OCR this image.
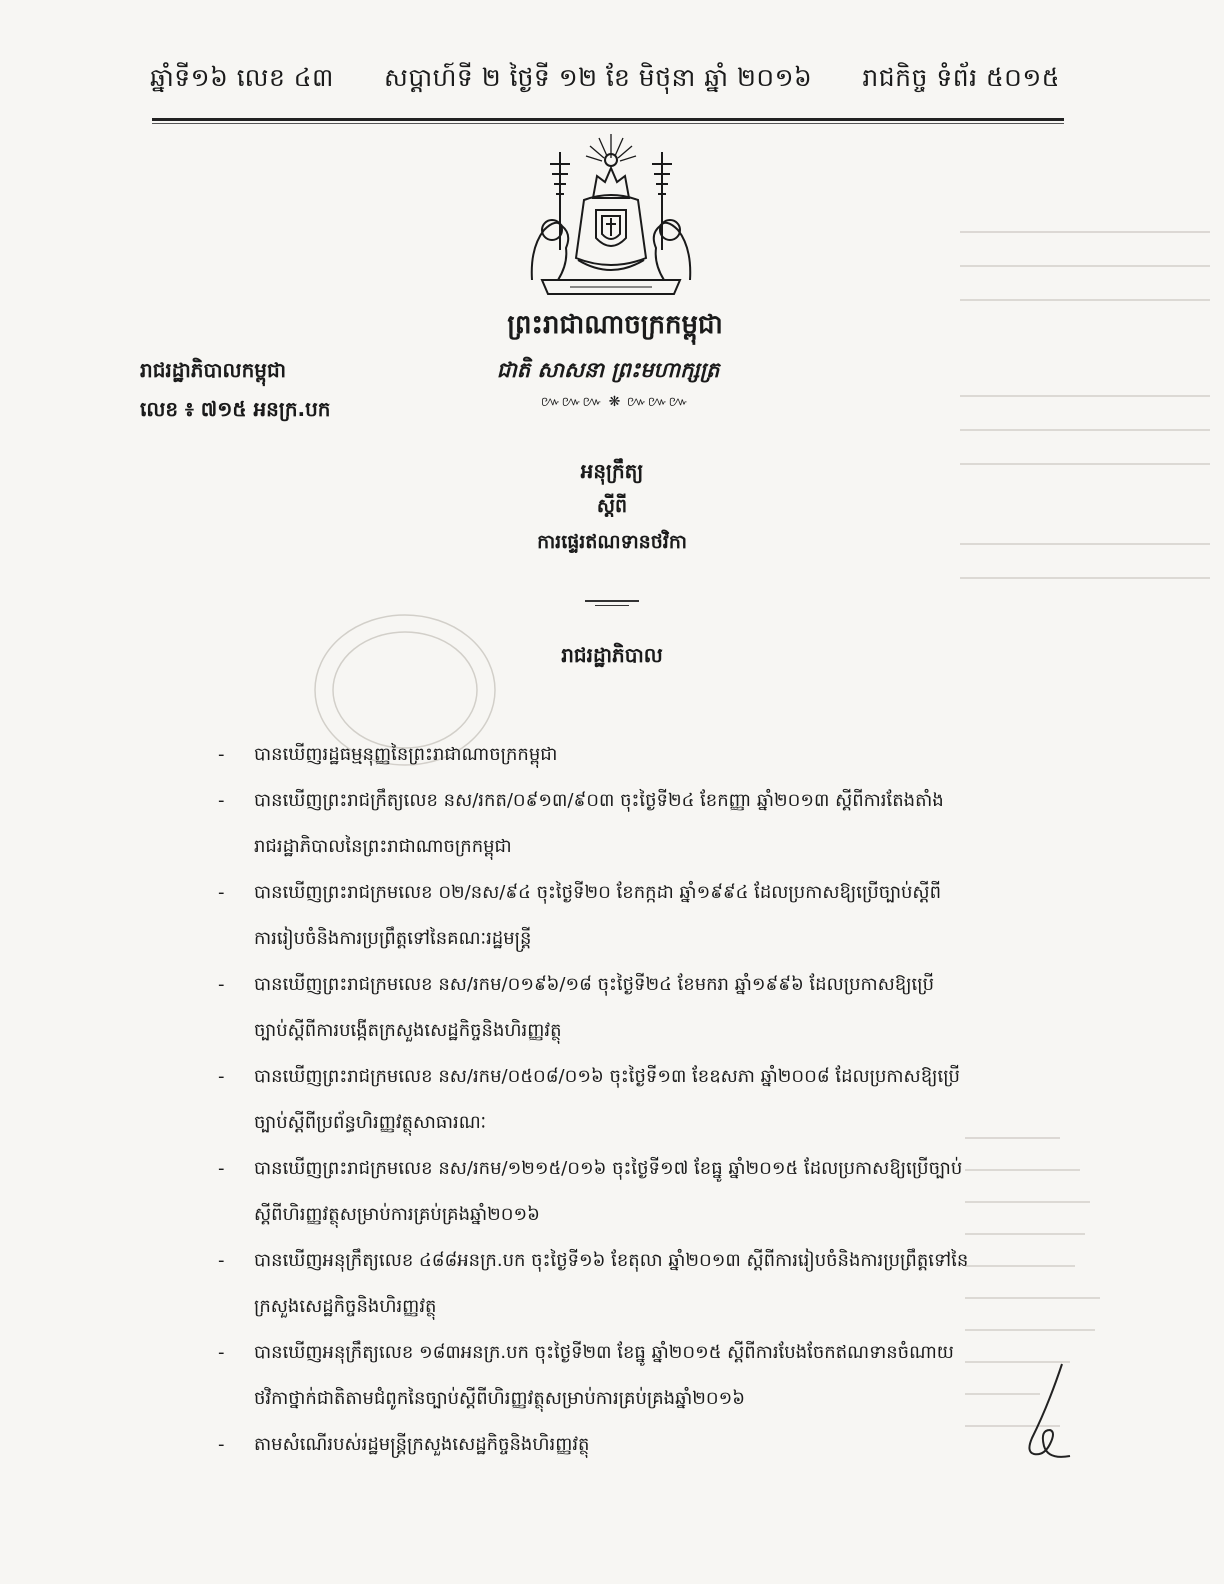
ឆ្នាំទី១៦ លេខ ៤៣ សប្តាហ៍ទី ២ ថ្ងៃទី ១២ ខែ មិថុនា ឆ្នាំ ២០១៦ រាជកិច្ច ទំព័រ ៥០១៥
ព្រះរាជាណាចក្រកម្ពុជា
ជាតិ សាសនា ព្រះមហាក្សត្រ
៚៚៚ ❋ ៚៚៚
រាជរដ្ឋាភិបាលកម្ពុជា
លេខ ៖ ៧១៥ អនក្រ.បក
អនុក្រឹត្យ
ស្តីពី
ការផ្ទេរឥណទានថវិកា
រាជរដ្ឋាភិបាល
-	បានឃើញរដ្ឋធម្មនុញ្ញនៃព្រះរាជាណាចក្រកម្ពុជា
-	បានឃើញព្រះរាជក្រឹត្យលេខ នស/រកត/០៩១៣/៩០៣ ចុះថ្ងៃទី២៤ ខែកញ្ញា ឆ្នាំ២០១៣ ស្តីពីការតែងតាំង
រាជរដ្ឋាភិបាលនៃព្រះរាជាណាចក្រកម្ពុជា
-	បានឃើញព្រះរាជក្រមលេខ ០២/នស/៩៤ ចុះថ្ងៃទី២០ ខែកក្កដា ឆ្នាំ១៩៩៤ ដែលប្រកាសឱ្យប្រើច្បាប់ស្តីពី
ការរៀបចំនិងការប្រព្រឹត្តទៅនៃគណៈរដ្ឋមន្ត្រី
-	បានឃើញព្រះរាជក្រមលេខ នស/រកម/០១៩៦/១៨ ចុះថ្ងៃទី២៤ ខែមករា ឆ្នាំ១៩៩៦ ដែលប្រកាសឱ្យប្រើ
ច្បាប់ស្តីពីការបង្កើតក្រសួងសេដ្ឋកិច្ចនិងហិរញ្ញវត្ថុ
-	បានឃើញព្រះរាជក្រមលេខ នស/រកម/០៥០៨/០១៦ ចុះថ្ងៃទី១៣ ខែឧសភា ឆ្នាំ២០០៨ ដែលប្រកាសឱ្យប្រើ
ច្បាប់ស្តីពីប្រព័ន្ធហិរញ្ញវត្ថុសាធារណៈ
-	បានឃើញព្រះរាជក្រមលេខ នស/រកម/១២១៥/០១៦ ចុះថ្ងៃទី១៧ ខែធ្នូ ឆ្នាំ២០១៥ ដែលប្រកាសឱ្យប្រើច្បាប់
ស្តីពីហិរញ្ញវត្ថុសម្រាប់ការគ្រប់គ្រងឆ្នាំ២០១៦
-	បានឃើញអនុក្រឹត្យលេខ ៤៨៨អនក្រ.បក ចុះថ្ងៃទី១៦ ខែតុលា ឆ្នាំ២០១៣ ស្តីពីការរៀបចំនិងការប្រព្រឹត្តទៅនៃ
ក្រសួងសេដ្ឋកិច្ចនិងហិរញ្ញវត្ថុ
-	បានឃើញអនុក្រឹត្យលេខ ១៨៣អនក្រ.បក ចុះថ្ងៃទី២៣ ខែធ្នូ ឆ្នាំ២០១៥ ស្តីពីការបែងចែកឥណទានចំណាយ
ថវិកាថ្នាក់ជាតិតាមជំពូកនៃច្បាប់ស្តីពីហិរញ្ញវត្ថុសម្រាប់ការគ្រប់គ្រងឆ្នាំ២០១៦
-	តាមសំណើរបស់រដ្ឋមន្ត្រីក្រសួងសេដ្ឋកិច្ចនិងហិរញ្ញវត្ថុ
